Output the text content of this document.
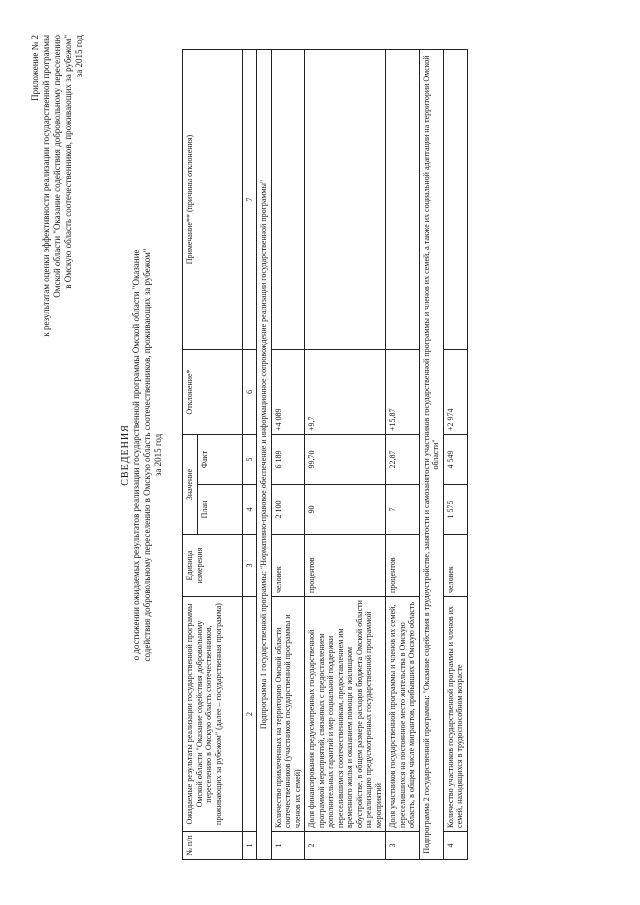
Приложение № 2 к результатам оценки эффективности реализации государственной программы Омской области "Оказание содействия добровольному переселению в Омскую область соотечественников, проживающих за рубежом" за 2015 год
СВЕДЕНИЯ о достижении ожидаемых результатов реализации государственной программы Омской области "Оказание содействия добровольному переселению в Омскую область соотечественников, проживающих за рубежом" за 2015 год
№ п/п	Ожидаемые результаты реализации государственной программы Омской области "Оказание содействия добровольному переселению в Омскую область соотечественников, проживающих за рубежом" (далее – государственная программа)	Единица измерения	Значение		Отклонение*	Примечание** (причины отклонения)
			План	Факт		
1	2	3	4	5	6	7
Подпрограмма 1 государственной программы: "Нормативно-правовое обеспечение и информационное сопровождение реализации государственной программы"						
1	Количество привлеченных на территорию Омской области соотечественников (участников государственной программы и членов их семей)	человек	2 100	6 189	+4 089	
2	Доля финансирования предусмотренных государственной программой мероприятий, связанных с предоставлением дополнительных гарантий и мер социальной поддержки переселившимся соотечественникам, предоставлением им временного жилья и оказанием помощи в жилищном обустройстве, в общем размере расходов бюджета Омской области на реализацию предусмотренных государственной программой мероприятий	процентов	90	99,70	+9,7	
3	Доля участников государственной программы и членов их семей, переселившихся на постоянное место жительства в Омскую область, в общем числе мигрантов, прибывших в Омскую область	процентов	7	22,87	+15,87	
Подпрограмма 2 государственной программы: "Оказание содействия в трудоустройстве, занятости и самозанятости участников государственной программы и членов их семей, а также их социальной адаптации на территории Омской области"						
4	Количество участников государственной программы и членов их семей, находящихся в трудоспособном возрасте	человек	1 575	4 549	+2 974	
